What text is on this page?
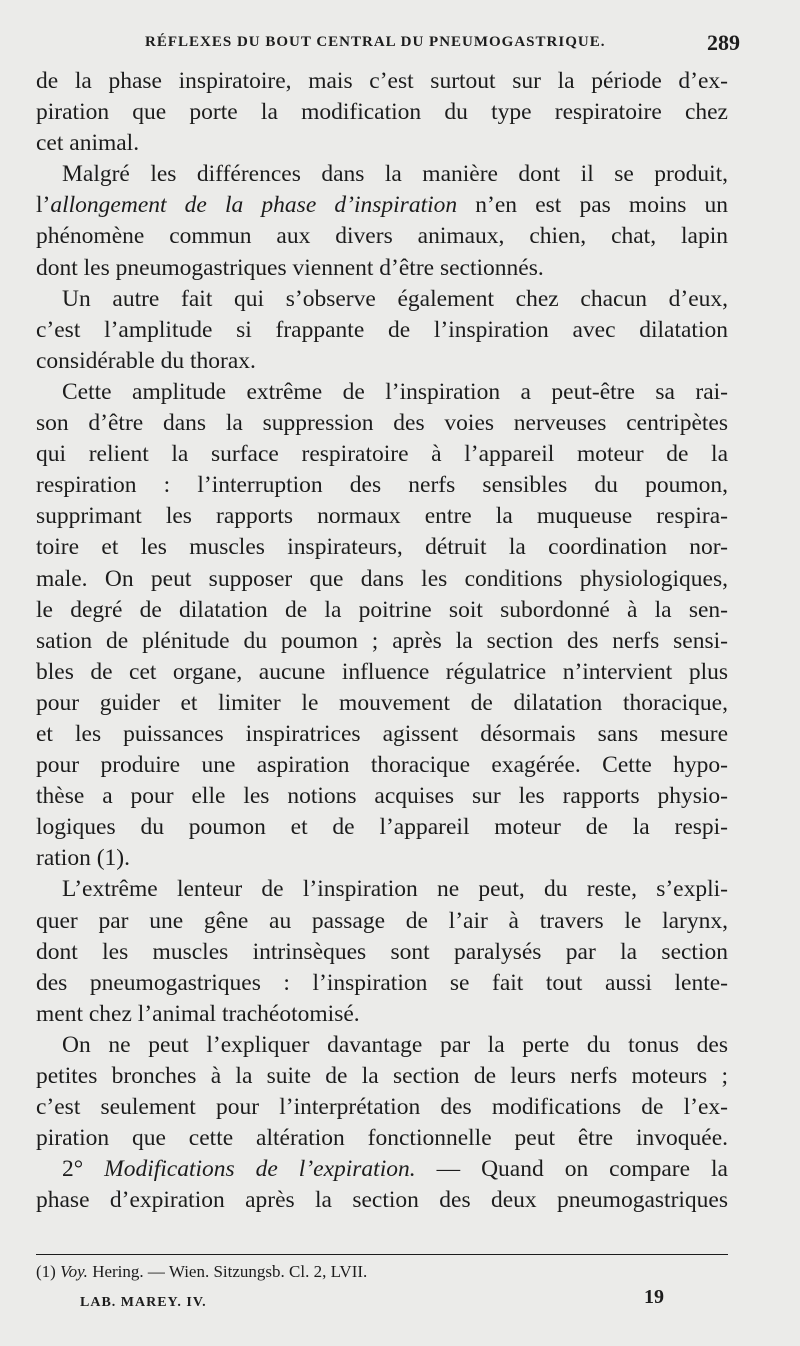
RÉFLEXES DU BOUT CENTRAL DU PNEUMOGASTRIQUE.	289
de la phase inspiratoire, mais c’est surtout sur la période d’ex-
piration que porte la modification du type respiratoire chez
cet animal.
Malgré les différences dans la manière dont il se produit,
l’allongement de la phase d’inspiration n’en est pas moins un
phénomène commun aux divers animaux, chien, chat, lapin
dont les pneumogastriques viennent d’être sectionnés.
Un autre fait qui s’observe également chez chacun d’eux,
c’est l’amplitude si frappante de l’inspiration avec dilatation
considérable du thorax.
Cette amplitude extrême de l’inspiration a peut-être sa rai-
son d’être dans la suppression des voies nerveuses centripètes
qui relient la surface respiratoire à l’appareil moteur de la
respiration : l’interruption des nerfs sensibles du poumon,
supprimant les rapports normaux entre la muqueuse respira-
toire et les muscles inspirateurs, détruit la coordination nor-
male. On peut supposer que dans les conditions physiologiques,
le degré de dilatation de la poitrine soit subordonné à la sen-
sation de plénitude du poumon ; après la section des nerfs sensi-
bles de cet organe, aucune influence régulatrice n’intervient plus
pour guider et limiter le mouvement de dilatation thoracique,
et les puissances inspiratrices agissent désormais sans mesure
pour produire une aspiration thoracique exagérée. Cette hypo-
thèse a pour elle les notions acquises sur les rapports physio-
logiques du poumon et de l’appareil moteur de la respi-
ration (1).
L’extrême lenteur de l’inspiration ne peut, du reste, s’expli-
quer par une gêne au passage de l’air à travers le larynx,
dont les muscles intrinsèques sont paralysés par la section
des pneumogastriques : l’inspiration se fait tout aussi lente-
ment chez l’animal trachéotomisé.
On ne peut l’expliquer davantage par la perte du tonus des
petites bronches à la suite de la section de leurs nerfs moteurs ;
c’est seulement pour l’interprétation des modifications de l’ex-
piration que cette altération fonctionnelle peut être invoquée.
2° Modifications de l’expiration. — Quand on compare la
phase d’expiration après la section des deux pneumogastriques
(1) Voy. Hering. — Wien. Sitzungsb. Cl. 2, LVII.
LAB. MAREY. IV.	19
